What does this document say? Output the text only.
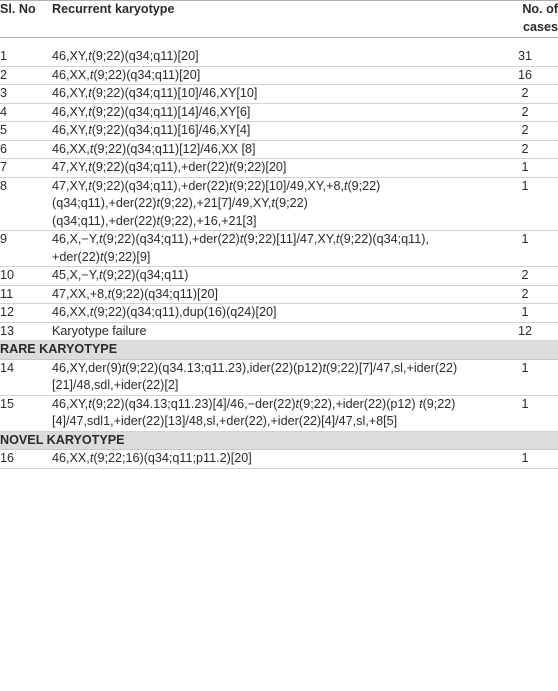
Sl. No	Recurrent karyotype	No. of cases

1	46,XY,t(9;22)(q34;q11)[20]	31
2	46,XX,t(9;22)(q34;q11)[20]	16
3	46,XY,t(9;22)(q34;q11)[10]/46,XY[10]	2
4	46,XY,t(9;22)(q34;q11)[14]/46,XY[6]	2
5	46,XY,t(9;22)(q34;q11)[16]/46,XY[4]	2
6	46,XX,t(9;22)(q34;q11)[12]/46,XX [8]	2
7	47,XY,t(9;22)(q34;q11),+der(22)t(9;22)[20]	1
8	47,XY,t(9;22)(q34;q11),+der(22)t(9;22)[10]/49,XY,+8,t(9;22)(q34;q11),+der(22)t(9;22),+21[7]/49,XY,t(9;22)(q34;q11),+der(22)t(9;22),+16,+21[3]	1
9	46,X,−Y,t(9;22)(q34;q11),+der(22)t(9;22)[11]/47,XY,t(9;22)(q34;q11), +der(22)t(9;22)[9]	1
10	45,X,−Y,t(9;22)(q34;q11)	2
11	47,XX,+8,t(9;22)(q34;q11)[20]	2
12	46,XX,t(9;22)(q34;q11),dup(16)(q24)[20]	1
13	Karyotype failure	12
RARE KARYOTYPE		
14	46,XY,der(9)t(9;22)(q34.13;q11.23),ider(22)(p12)t(9;22)[7]/47,sl,+ider(22)[21]/48,sdl,+ider(22)[2]	1
15	46,XY,t(9;22)(q34.13;q11.23)[4]/46,−der(22)t(9;22),+ider(22)(p12) t(9;22)[4]/47,sdl1,+ider(22)[13]/48,sl,+der(22),+ider(22)[4]/47,sl,+8[5]	1
NOVEL KARYOTYPE		
16	46,XX,t(9;22;16)(q34;q11;p11.2)[20]	1
